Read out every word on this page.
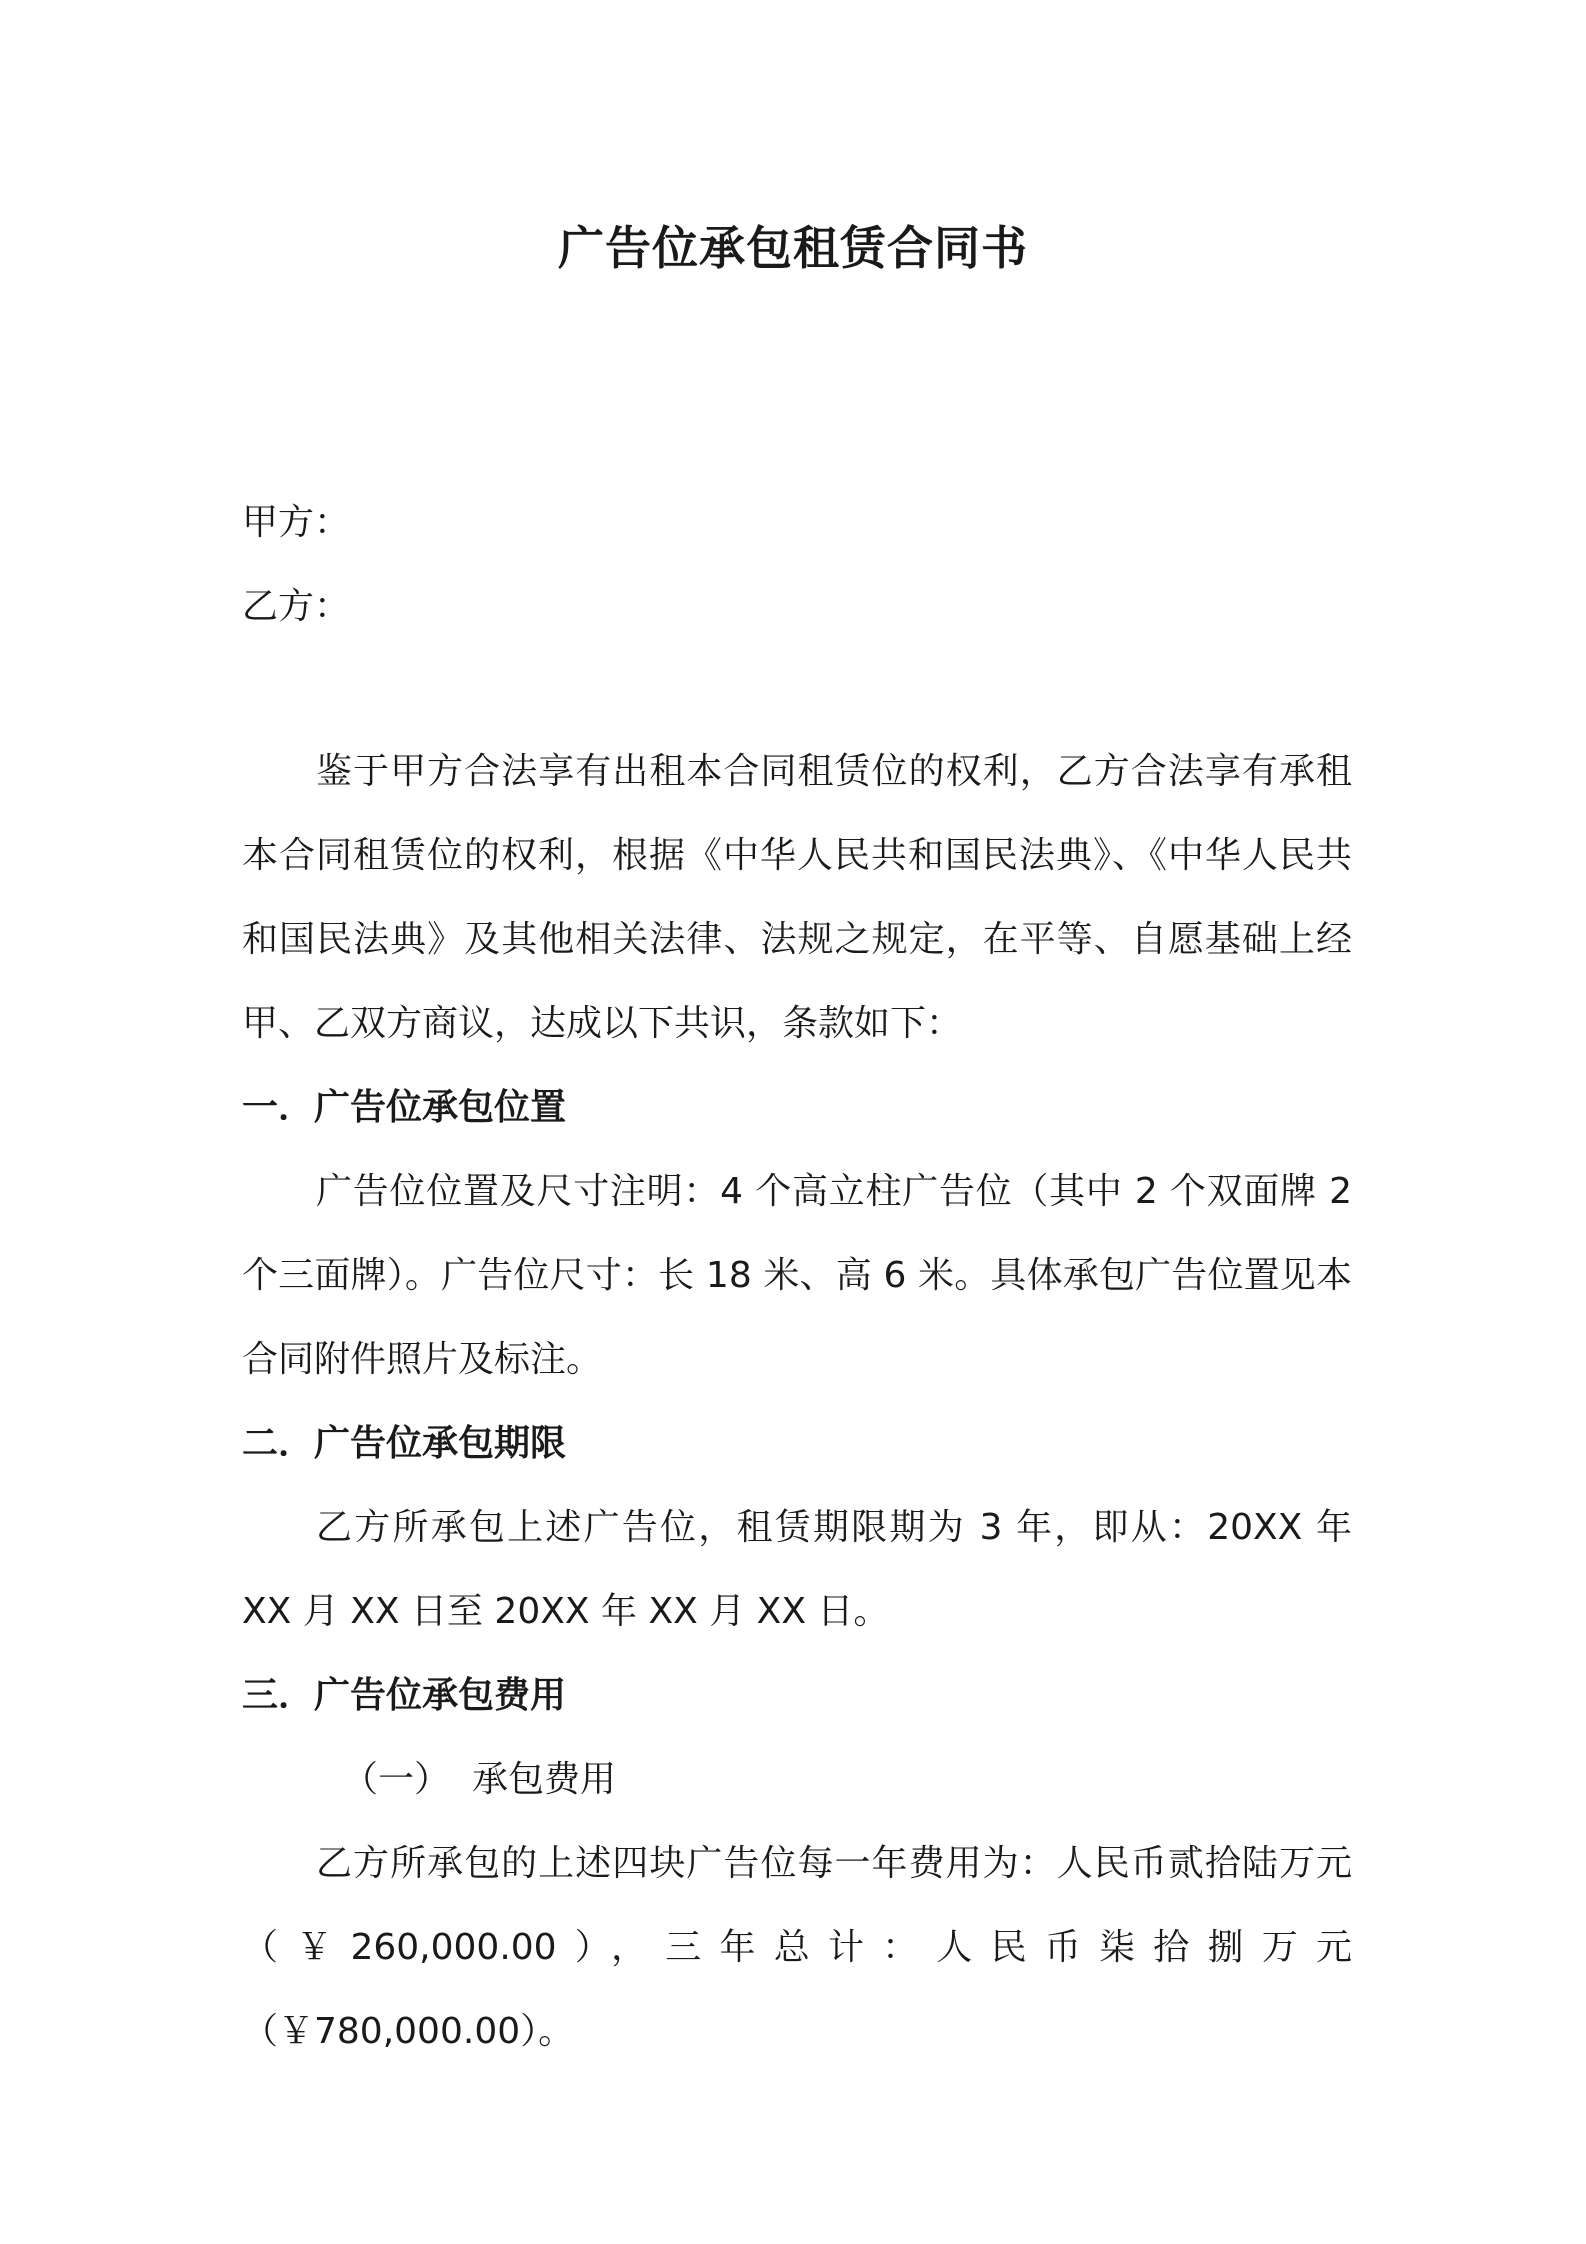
广告位承包租赁合同书
甲方：
乙方：

鉴于甲方合法享有出租本合同租赁位的权利，乙方合法享有承租本合同租赁位的权利，根据《中华人民共和国民法典》、《中华人民共和国民法典》及其他相关法律、法规之规定，在平等、自愿基础上经甲、乙双方商议，达成以下共识，条款如下：

一．广告位承包位置

广告位位置及尺寸注明：4 个高立柱广告位（其中 2 个双面牌 2 个三面牌）。广告位尺寸：长 18 米、高 6 米。具体承包广告位置见本合同附件照片及标注。

二．广告位承包期限

乙方所承包上述广告位，租赁期限期为 3 年，即从：20XX 年 XX 月 XX 日至 20XX 年 XX 月 XX 日。

三．广告位承包费用

（一） 承包费用

乙方所承包的上述四块广告位每一年费用为：人民币贰拾陆万元（￥260,000.00），三年总计：人民币柒拾捌万元（￥780,000.00）。
